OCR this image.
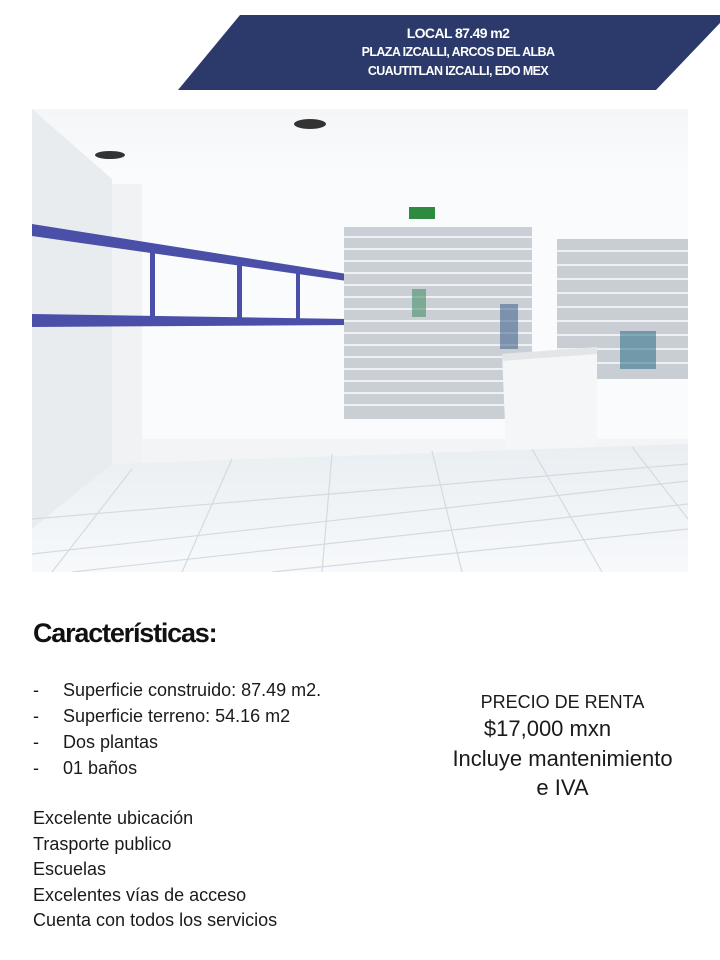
LOCAL 87.49 m2
PLAZA IZCALLI, ARCOS DEL ALBA
CUAUTITLAN IZCALLI, EDO MEX
Características:
-	Superficie construido: 87.49 m2.
-	Superficie terreno: 54.16 m2
-	Dos plantas
-	01 baños
Excelente ubicación
Trasporte publico
Escuelas
Excelentes vías de acceso
Cuenta con todos los servicios
PRECIO DE RENTA
$17,000 mxn
Incluye mantenimiento
e IVA
